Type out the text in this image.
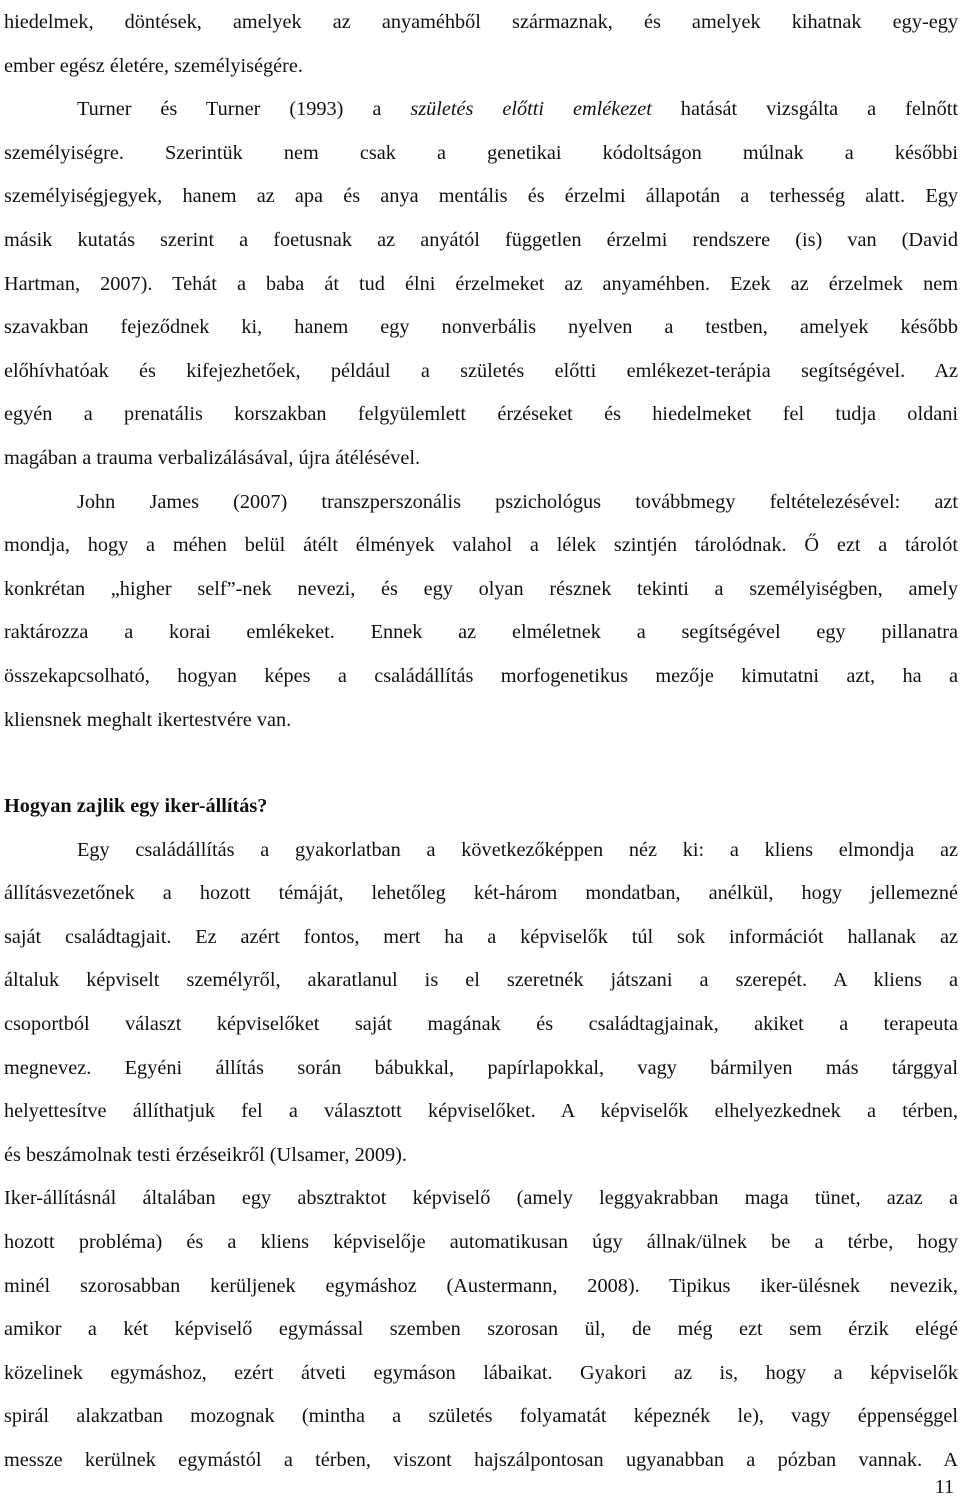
hiedelmek, döntések, amelyek az anyaméhből származnak, és amelyek kihatnak egy-egy
ember egész életére, személyiségére.
Turner és Turner (1993) a születés előtti emlékezet hatását vizsgálta a felnőtt
személyiségre. Szerintük nem csak a genetikai kódoltságon múlnak a későbbi
személyiségjegyek, hanem az apa és anya mentális és érzelmi állapotán a terhesség alatt. Egy
másik kutatás szerint a foetusnak az anyától független érzelmi rendszere (is) van (David
Hartman, 2007). Tehát a baba át tud élni érzelmeket az anyaméhben. Ezek az érzelmek nem
szavakban fejeződnek ki, hanem egy nonverbális nyelven a testben, amelyek később
előhívhatóak és kifejezhetőek, például a születés előtti emlékezet-terápia segítségével. Az
egyén a prenatális korszakban felgyülemlett érzéseket és hiedelmeket fel tudja oldani
magában a trauma verbalizálásával, újra átélésével.
John James (2007) transzperszonális pszichológus továbbmegy feltételezésével: azt
mondja, hogy a méhen belül átélt élmények valahol a lélek szintjén tárolódnak. Ő ezt a tárolót
konkrétan „higher self”-nek nevezi, és egy olyan résznek tekinti a személyiségben, amely
raktározza a korai emlékeket. Ennek az elméletnek a segítségével egy pillanatra
összekapcsolható, hogyan képes a családállítás morfogenetikus mezője kimutatni azt, ha a
kliensnek meghalt ikertestvére van.
Hogyan zajlik egy iker-állítás?
Egy családállítás a gyakorlatban a következőképpen néz ki: a kliens elmondja az
állításvezetőnek a hozott témáját, lehetőleg két-három mondatban, anélkül, hogy jellemezné
saját családtagjait. Ez azért fontos, mert ha a képviselők túl sok információt hallanak az
általuk képviselt személyről, akaratlanul is el szeretnék játszani a szerepét. A kliens a
csoportból választ képviselőket saját magának és családtagjainak, akiket a terapeuta
megnevez. Egyéni állítás során bábukkal, papírlapokkal, vagy bármilyen más tárggyal
helyettesítve állíthatjuk fel a választott képviselőket. A képviselők elhelyezkednek a térben,
és beszámolnak testi érzéseikről (Ulsamer, 2009).
Iker-állításnál általában egy absztraktot képviselő (amely leggyakrabban maga tünet, azaz a
hozott probléma) és a kliens képviselője automatikusan úgy állnak/ülnek be a térbe, hogy
minél szorosabban kerüljenek egymáshoz (Austermann, 2008). Tipikus iker-ülésnek nevezik,
amikor a két képviselő egymással szemben szorosan ül, de még ezt sem érzik elégé
közelinek egymáshoz, ezért átveti egymáson lábaikat. Gyakori az is, hogy a képviselők
spirál alakzatban mozognak (mintha a születés folyamatát képeznék le), vagy éppenséggel
messze kerülnek egymástól a térben, viszont hajszálpontosan ugyanabban a pózban vannak. A
11
